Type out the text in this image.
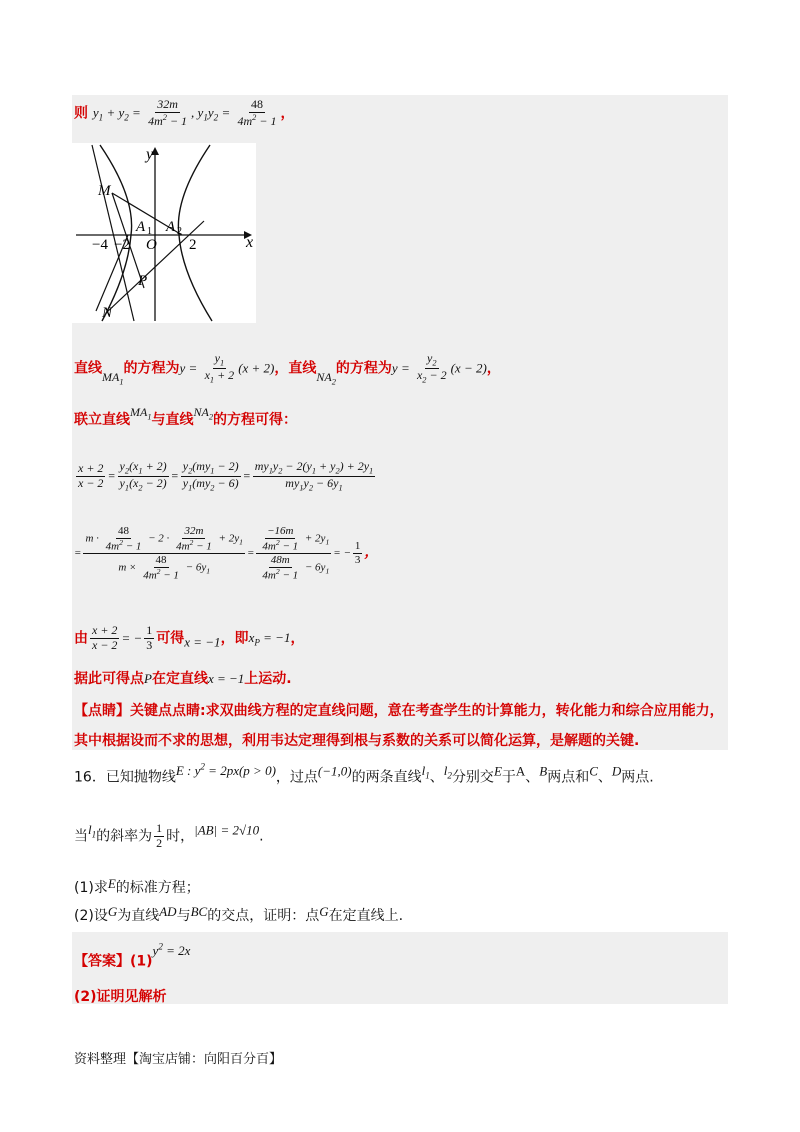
则 $y_1 + y_2 = \frac{32m}{4m^2 - 1}$ , $y_1y_2 = \frac{48}{4m^2 - 1}$ ，
y
x
M
N
P
O
A 1 A 2
−4 −2	2
直线$MA_1$的方程为$y = \frac{y_1}{x_1 + 2} (x + 2)$，直线$NA_2$的方程为$y = \frac{y_2}{x_2 - 2} (x - 2)$，
联立直线$MA_1$与直线$NA_2$的方程可得：
$\frac{x + 2}{x - 2} = \frac{y_2(x_1 + 2)}{y_1(x_2 - 2)} = \frac{y_2(my_1 - 2)}{y_1(my_2 - 6)} = \frac{my_1y_2 - 2(y_1 + y_2) + 2y_1}{my_1y_2 - 6y_1}$
= $\frac{m \cdot \frac{48}{4m^2 - 1} - 2 \cdot \frac{32m}{4m^2 - 1} + 2y_1}{m \times \frac{48}{4m^2 - 1} - 6y_1} = \frac{\frac{-16m}{4m^2 - 1} + 2y_1}{\frac{48m}{4m^2 - 1} - 6y_1}$ = − $\frac{1}{3}$ ，
由 $\frac{x + 2}{x - 2}$ = − $\frac{1}{3}$ 可得x = −1，即$x_P = -1$，
据此可得点P在定直线x = −1上运动.
【点睛】关键点点睛:求双曲线方程的定直线问题，意在考查学生的计算能力，转化能力和综合应用能力，
其中根据设而不求的思想，利用韦达定理得到根与系数的关系可以简化运算，是解题的关键.
16．已知抛物线E : $y^2 = 2px(p > 0)$，过点(−1,0)的两条直线$l_1$、$l_2$分别交E于A、B两点和C、D两点.
当$l_1$的斜率为 $\frac{1}{2}$ 时，|AB| = 2√10.
(1)求E的标准方程；
(2)设G为直线AD与BC的交点，证明：点G在定直线上.
【答案】$(1)y^2 = 2x$
(2)证明见解析
资料整理【淘宝店铺：向阳百分百】
